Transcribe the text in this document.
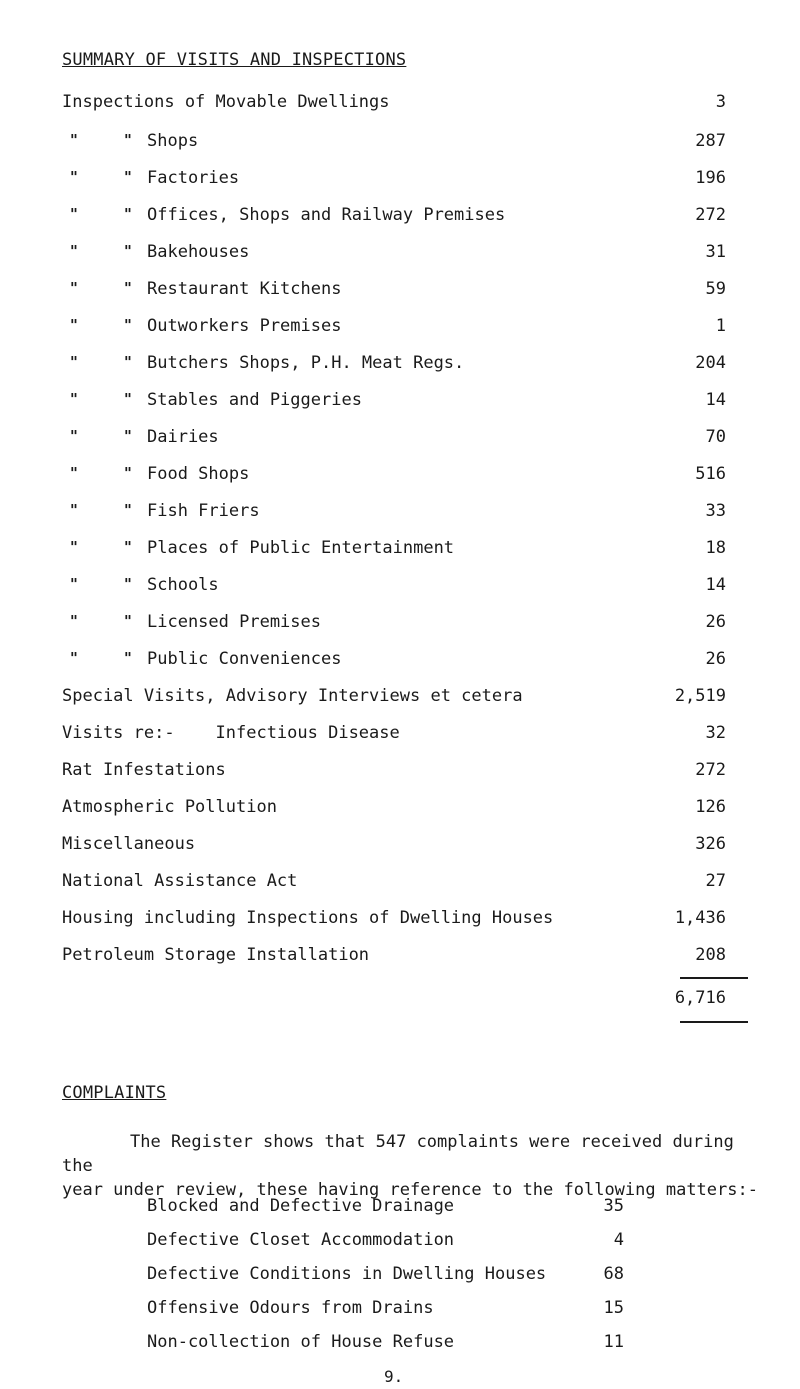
SUMMARY OF VISITS AND INSPECTIONS
Inspections of Movable Dwellings	3
"	" Shops	287
"	" Factories	196
"	" Offices, Shops and Railway Premises	272
"	" Bakehouses	31
"	" Restaurant Kitchens	59
"	" Outworkers Premises	1
"	" Butchers Shops, P.H. Meat Regs.	204
"	" Stables and Piggeries	14
"	" Dairies	70
"	" Food Shops	516
"	" Fish Friers	33
"	" Places of Public Entertainment	18
"	" Schools	14
"	" Licensed Premises	26
"	" Public Conveniences	26
Special Visits, Advisory Interviews et cetera	2,519
Visits re:-    Infectious Disease	32
Rat Infestations	272
Atmospheric Pollution	126
Miscellaneous	326
National Assistance Act	27
Housing including Inspections of Dwelling Houses	1,436
Petroleum Storage Installation	208
6,716
COMPLAINTS
The Register shows that 547 complaints were received during the
year under review, these having reference to the following matters:-
Blocked and Defective Drainage	35
Defective Closet Accommodation	4
Defective Conditions in Dwelling Houses	68
Offensive Odours from Drains	15
Non-collection of House Refuse	11
9.
